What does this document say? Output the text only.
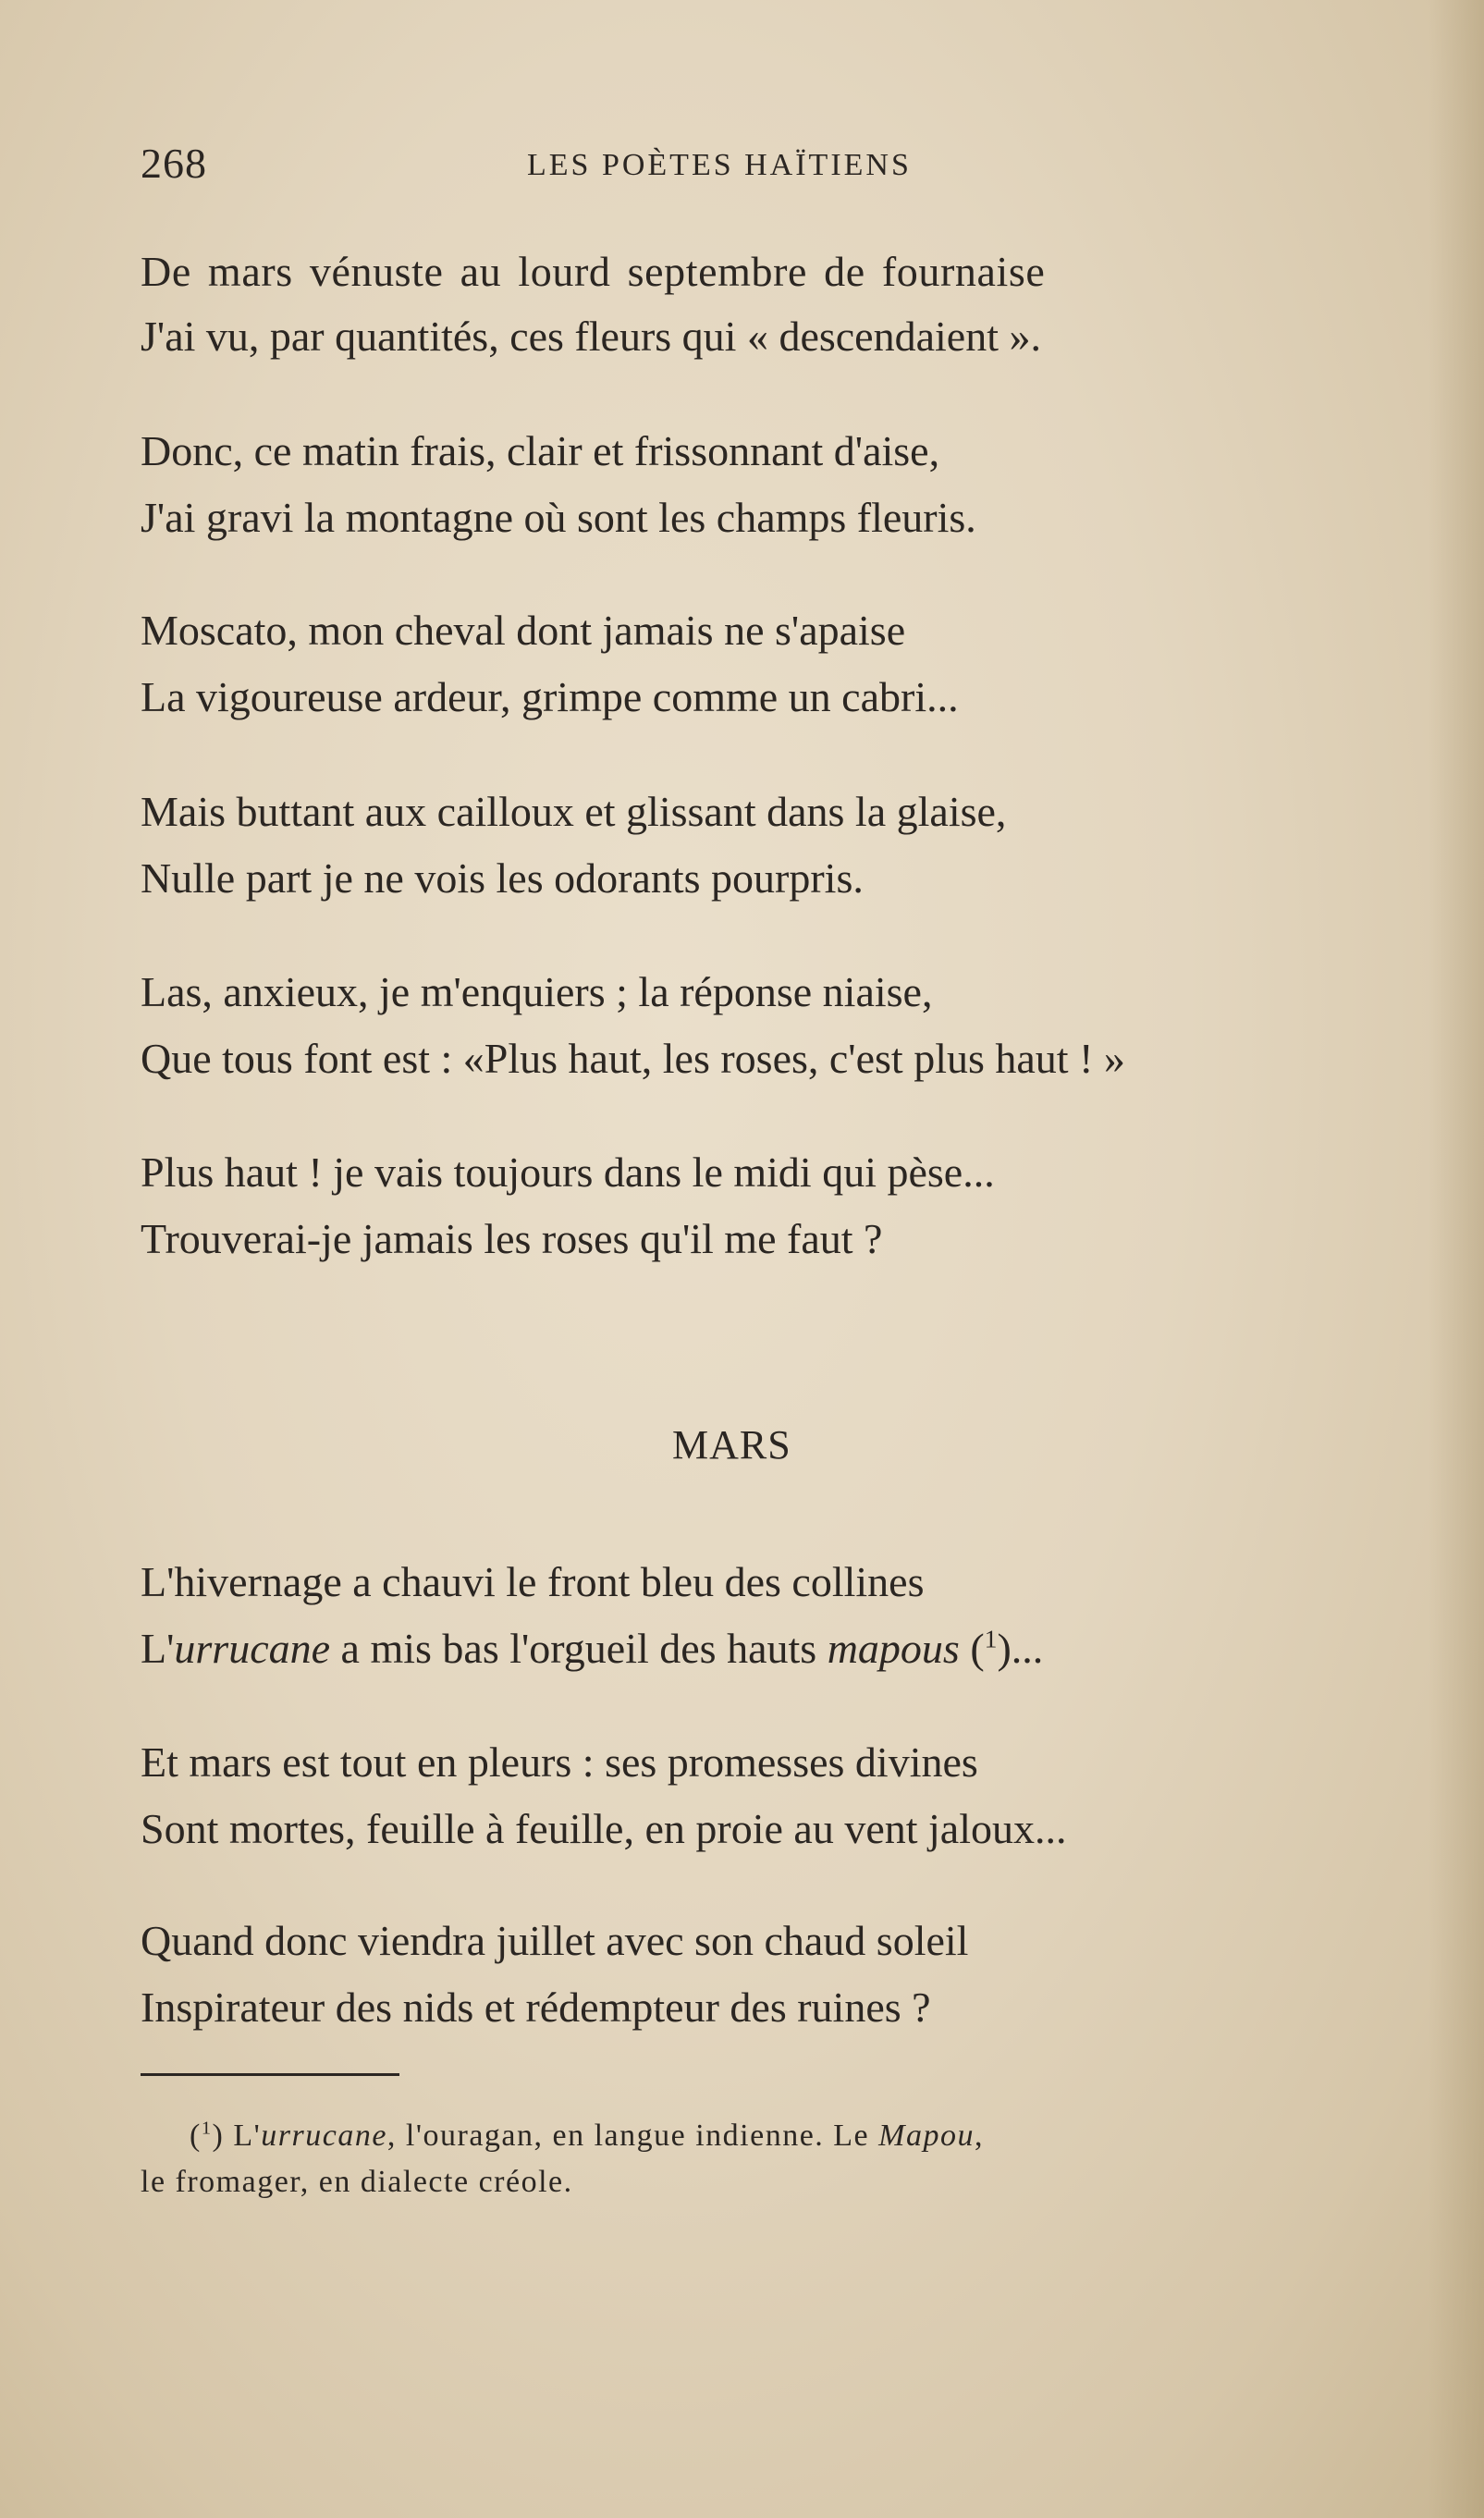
268	LES POÈTES HAÏTIENS
De mars vénuste au lourd septembre de fournaise
J'ai vu, par quantités, ces fleurs qui « descendaient ».
Donc, ce matin frais, clair et frissonnant d'aise,
J'ai gravi la montagne où sont les champs fleuris.
Moscato, mon cheval dont jamais ne s'apaise
La vigoureuse ardeur, grimpe comme un cabri...
Mais buttant aux cailloux et glissant dans la glaise,
Nulle part je ne vois les odorants pourpris.
Las, anxieux, je m'enquiers ; la réponse niaise,
Que tous font est : «Plus haut, les roses, c'est plus haut ! »
Plus haut ! je vais toujours dans le midi qui pèse...
Trouverai-je jamais les roses qu'il me faut ?
MARS
L'hivernage a chauvi le front bleu des collines
L'urrucane a mis bas l'orgueil des hauts mapous ($^1$)...
Et mars est tout en pleurs : ses promesses divines
Sont mortes, feuille à feuille, en proie au vent jaloux...
Quand donc viendra juillet avec son chaud soleil
Inspirateur des nids et rédempteur des ruines ?
($^1$) L'urrucane, l'ouragan, en langue indienne. Le Mapou,
le fromager, en dialecte créole.
